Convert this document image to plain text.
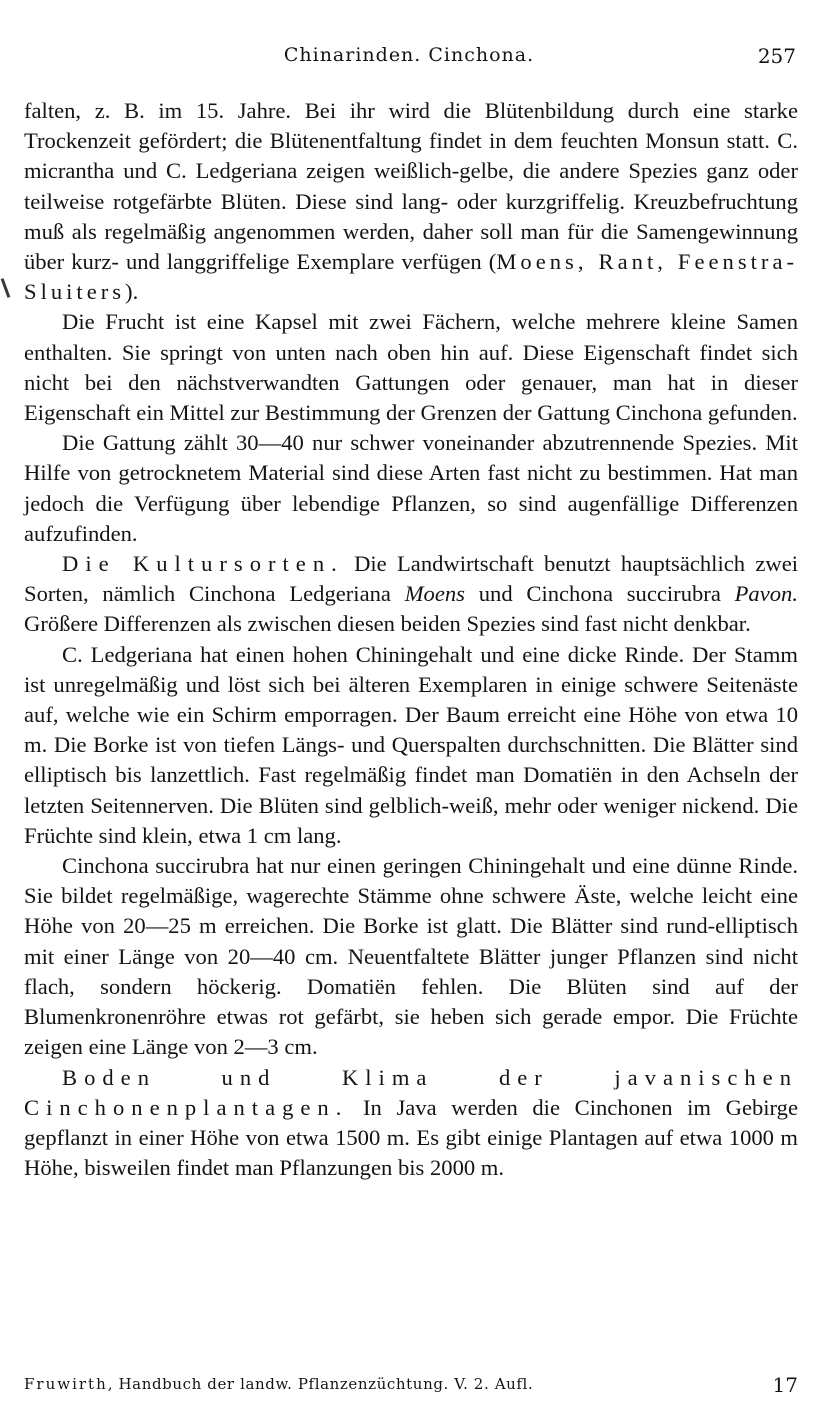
Chinarinden. Cinchona.	257

falten, z. B. im 15. Jahre. Bei ihr wird die Blütenbildung durch eine starke Trockenzeit gefördert; die Blütenentfaltung findet in dem feuchten Monsun statt. C. micrantha und C. Ledgeriana zeigen weißlich-gelbe, die andere Spezies ganz oder teilweise rotgefärbte Blüten. Diese sind lang- oder kurzgriffelig. Kreuzbefruchtung muß als regelmäßig angenommen werden, daher soll man für die Samengewinnung über kurz- und langgriffelige Exemplare verfügen (Moens, Rant, Feenstra-Sluiters).

Die Frucht ist eine Kapsel mit zwei Fächern, welche mehrere kleine Samen enthalten. Sie springt von unten nach oben hin auf. Diese Eigenschaft findet sich nicht bei den nächstverwandten Gattungen oder genauer, man hat in dieser Eigenschaft ein Mittel zur Bestimmung der Grenzen der Gattung Cinchona gefunden.

Die Gattung zählt 30—40 nur schwer voneinander abzutrennende Spezies. Mit Hilfe von getrocknetem Material sind diese Arten fast nicht zu bestimmen. Hat man jedoch die Verfügung über lebendige Pflanzen, so sind augenfällige Differenzen aufzufinden.

Die Kultursorten. Die Landwirtschaft benutzt hauptsächlich zwei Sorten, nämlich Cinchona Ledgeriana Moens und Cinchona succirubra Pavon. Größere Differenzen als zwischen diesen beiden Spezies sind fast nicht denkbar.

C. Ledgeriana hat einen hohen Chiningehalt und eine dicke Rinde. Der Stamm ist unregelmäßig und löst sich bei älteren Exemplaren in einige schwere Seitenäste auf, welche wie ein Schirm emporragen. Der Baum erreicht eine Höhe von etwa 10 m. Die Borke ist von tiefen Längs- und Querspalten durchschnitten. Die Blätter sind elliptisch bis lanzettlich. Fast regelmäßig findet man Domatiën in den Achseln der letzten Seitennerven. Die Blüten sind gelblich-weiß, mehr oder weniger nickend. Die Früchte sind klein, etwa 1 cm lang.

Cinchona succirubra hat nur einen geringen Chiningehalt und eine dünne Rinde. Sie bildet regelmäßige, wagerechte Stämme ohne schwere Äste, welche leicht eine Höhe von 20—25 m erreichen. Die Borke ist glatt. Die Blätter sind rund-elliptisch mit einer Länge von 20—40 cm. Neuentfaltete Blätter junger Pflanzen sind nicht flach, sondern höckerig. Domatiën fehlen. Die Blüten sind auf der Blumenkronenröhre etwas rot gefärbt, sie heben sich gerade empor. Die Früchte zeigen eine Länge von 2—3 cm.

Boden und Klima der javanischen Cinchonenplantagen. In Java werden die Cinchonen im Gebirge gepflanzt in einer Höhe von etwa 1500 m. Es gibt einige Plantagen auf etwa 1000 m Höhe, bisweilen findet man Pflanzungen bis 2000 m.

Fruwirth, Handbuch der landw. Pflanzenzüchtung. V. 2. Aufl.	17
